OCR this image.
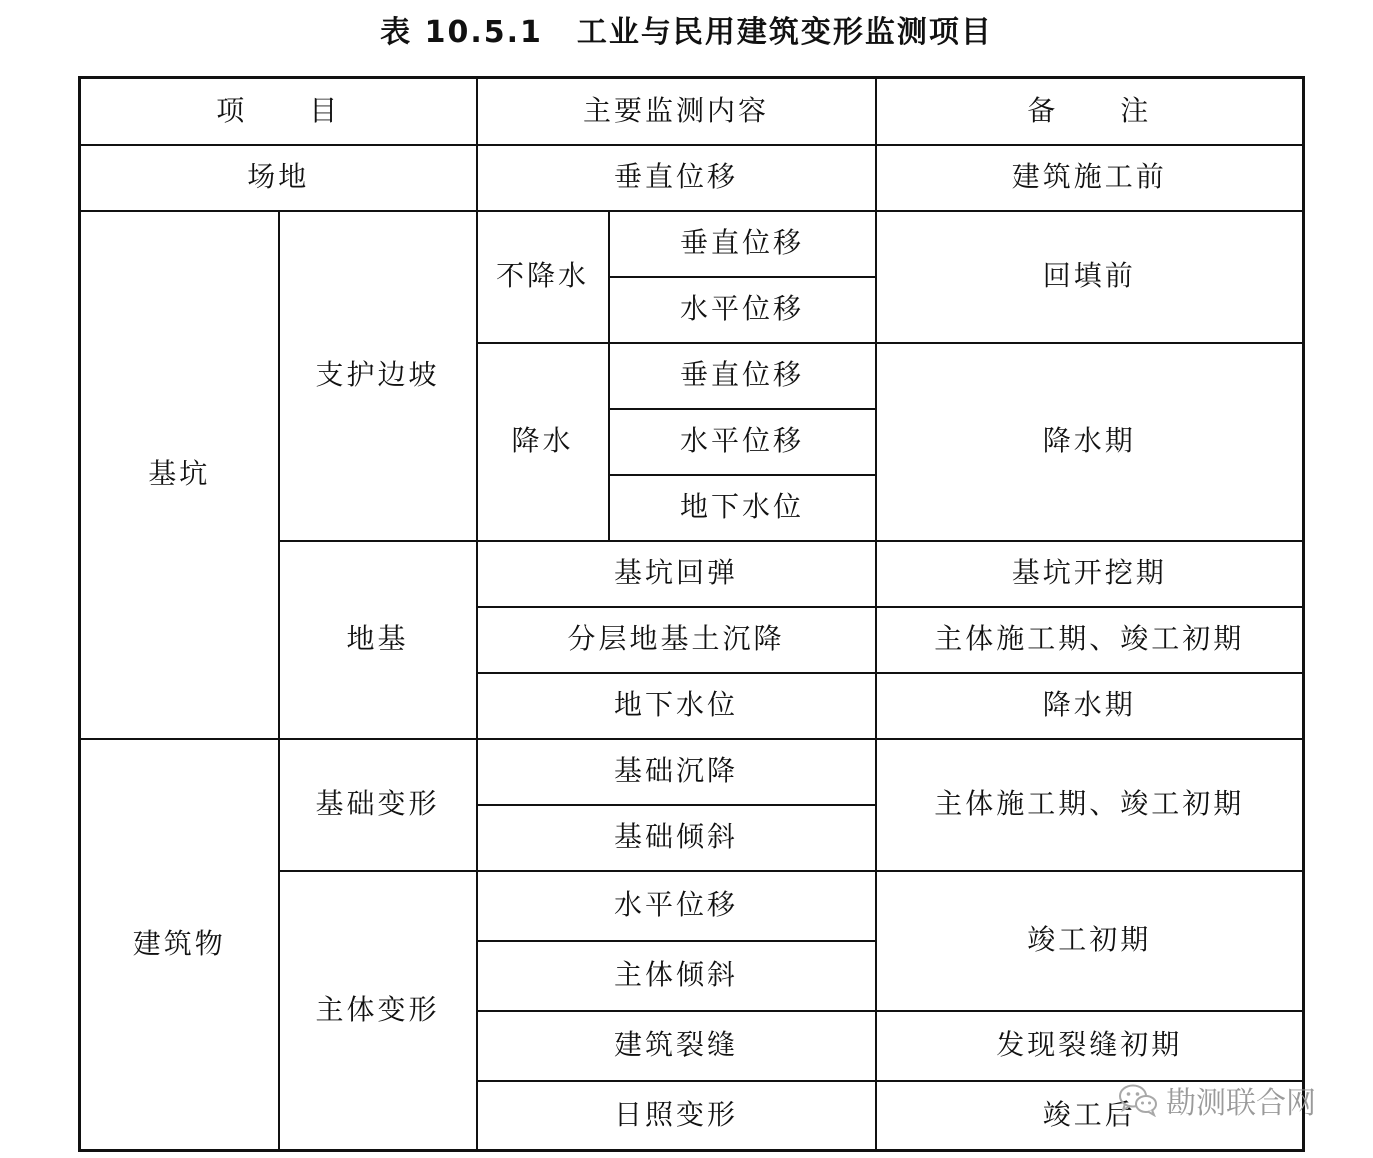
表 10.5.1 工业与民用建筑变形监测项目
项　　目		主要监测内容		备　　注
场地		垂直位移		建筑施工前
基坑	支护边坡	不降水	垂直位移	回填前
			水平位移	
		降水	垂直位移	降水期
			水平位移	
			地下水位	
	地基	基坑回弹		基坑开挖期
		分层地基土沉降		主体施工期、竣工初期
		地下水位		降水期
建筑物	基础变形	基础沉降		主体施工期、竣工初期
		基础倾斜		
	主体变形	水平位移		竣工初期
		主体倾斜		
		建筑裂缝		发现裂缝初期
		日照变形		竣工后 勘测联合网
